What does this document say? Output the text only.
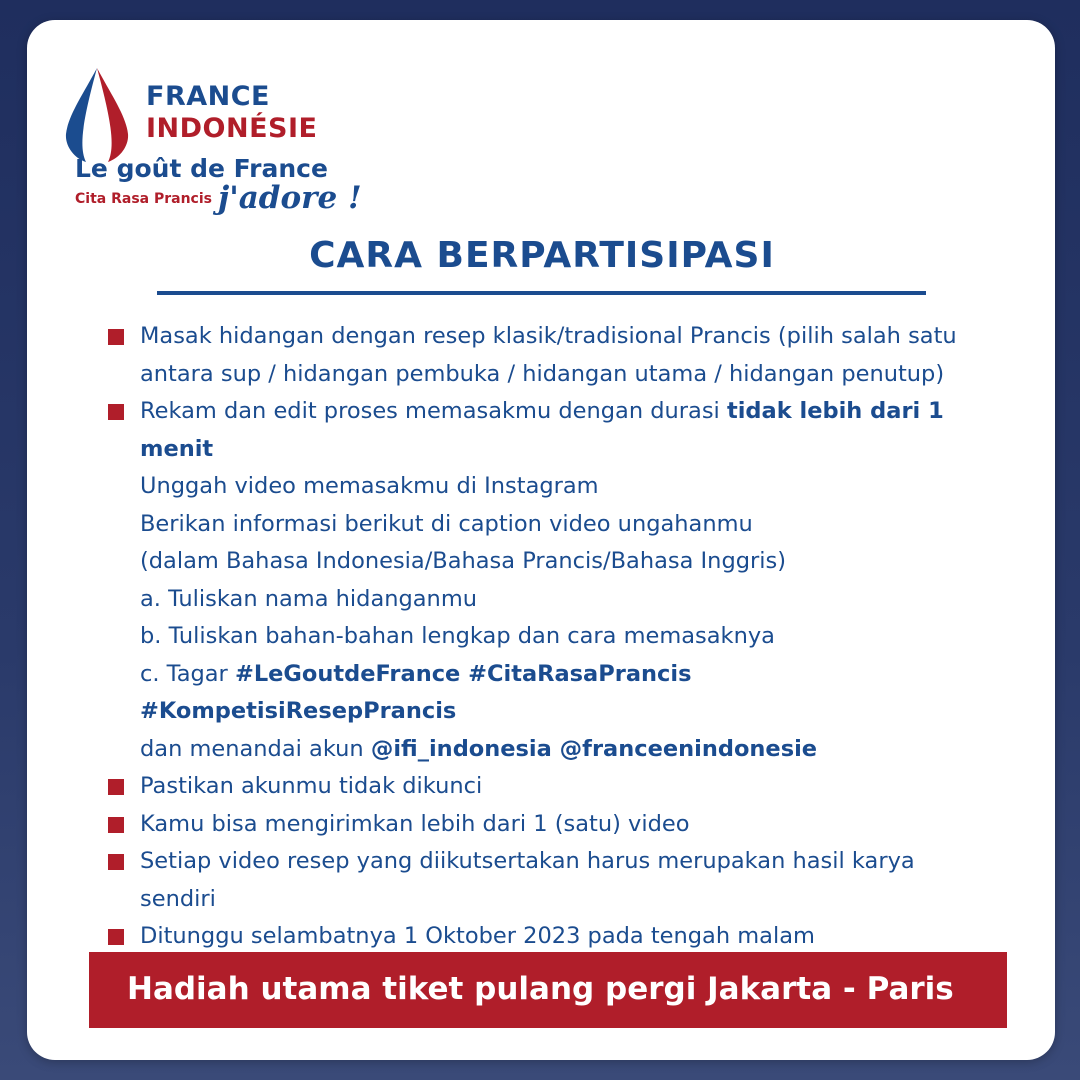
FRANCE
INDONÉSIE
Le goût de France
Cita Rasa Prancis j'adore !
CARA BERPARTISIPASI
Masak hidangan dengan resep klasik/tradisional Prancis (pilih salah satu
antara sup / hidangan pembuka / hidangan utama / hidangan penutup)
Rekam dan edit proses memasakmu dengan durasi tidak lebih dari 1 menit
Unggah video memasakmu di Instagram
Berikan informasi berikut di caption video ungahanmu
(dalam Bahasa Indonesia/Bahasa Prancis/Bahasa Inggris)
a. Tuliskan nama hidanganmu
b. Tuliskan bahan-bahan lengkap dan cara memasaknya
c. Tagar #LeGoutdeFrance #CitaRasaPrancis #KompetisiResepPrancis
dan menandai akun @ifi_indonesia @franceenindonesie
Pastikan akunmu tidak dikunci
Kamu bisa mengirimkan lebih dari 1 (satu) video
Setiap video resep yang diikutsertakan harus merupakan hasil karya
sendiri
Ditunggu selambatnya 1 Oktober 2023 pada tengah malam
Hadiah utama tiket pulang pergi Jakarta - Paris
